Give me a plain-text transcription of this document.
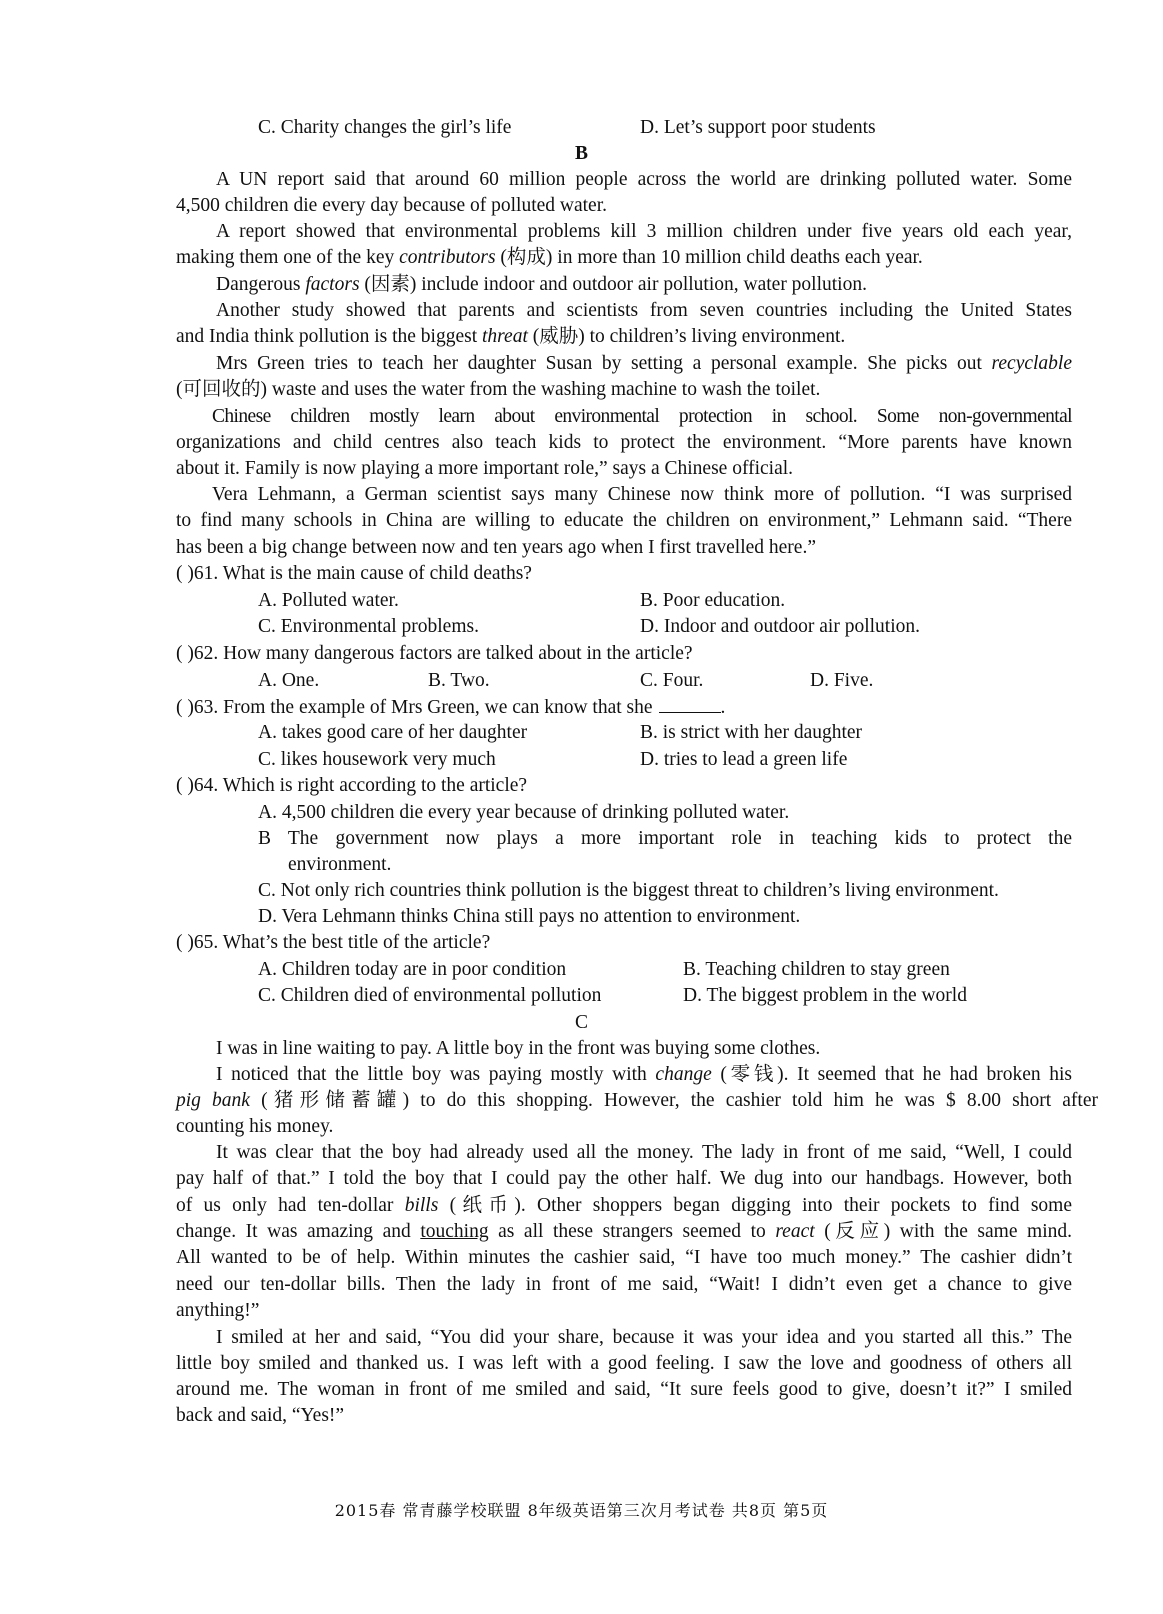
C. Charity changes the girl’s life	D. Let’s support poor students
B
A UN report said that around 60 million people across the world are drinking polluted water. Some
4,500 children die every day because of polluted water.
A report showed that environmental problems kill 3 million children under five years old each year,
making them one of the key contributors (构成) in more than 10 million child deaths each year.
Dangerous factors (因素) include indoor and outdoor air pollution, water pollution.
Another study showed that parents and scientists from seven countries including the United States
and India think pollution is the biggest threat (威胁) to children’s living environment.
Mrs Green tries to teach her daughter Susan by setting a personal example. She picks out recyclable
(可回收的) waste and uses the water from the washing machine to wash the toilet.
Chinese children mostly learn about environmental protection in school. Some non-governmental
organizations and child centres also teach kids to protect the environment. “More parents have known
about it. Family is now playing a more important role,” says a Chinese official.
Vera Lehmann, a German scientist says many Chinese now think more of pollution. “I was surprised
to find many schools in China are willing to educate the children on environment,” Lehmann said. “There
has been a big change between now and ten years ago when I first travelled here.”
( )61. What is the main cause of child deaths?
A. Polluted water.	B. Poor education.
C. Environmental problems.	D. Indoor and outdoor air pollution.
( )62. How many dangerous factors are talked about in the article?
A. One.	B. Two.	C. Four.	D. Five.
( )63. From the example of Mrs Green, we can know that she	.
A. takes good care of her daughter	B. is strict with her daughter
C. likes housework very much	D. tries to lead a green life
( )64. Which is right according to the article?
A. 4,500 children die every year because of drinking polluted water.
B The government now plays a more important role in teaching kids to protect the
environment.
C. Not only rich countries think pollution is the biggest threat to children’s living environment.
D. Vera Lehmann thinks China still pays no attention to environment.
( )65. What’s the best title of the article?
A. Children today are in poor condition	B. Teaching children to stay green
C. Children died of environmental pollution	D. The biggest problem in the world
C
I was in line waiting to pay. A little boy in the front was buying some clothes.
I noticed that the little boy was paying mostly with change (零钱). It seemed that he had broken his
pig bank (猪形储蓄罐) to do this shopping. However, the cashier told him he was $ 8.00 short after
counting his money.
It was clear that the boy had already used all the money. The lady in front of me said, “Well, I could
pay half of that.” I told the boy that I could pay the other half. We dug into our handbags. However, both
of us only had ten-dollar bills (纸币). Other shoppers began digging into their pockets to find some
change. It was amazing and touching as all these strangers seemed to react (反应) with the same mind.
All wanted to be of help. Within minutes the cashier said, “I have too much money.” The cashier didn’t
need our ten-dollar bills. Then the lady in front of me said, “Wait! I didn’t even get a chance to give
anything!”
I smiled at her and said, “You did your share, because it was your idea and you started all this.” The
little boy smiled and thanked us. I was left with a good feeling. I saw the love and goodness of others all
around me. The woman in front of me smiled and said, “It sure feels good to give, doesn’t it?” I smiled
back and said, “Yes!”
2015春 常青藤学校联盟 8年级英语第三次月考试卷 共8页 第5页
